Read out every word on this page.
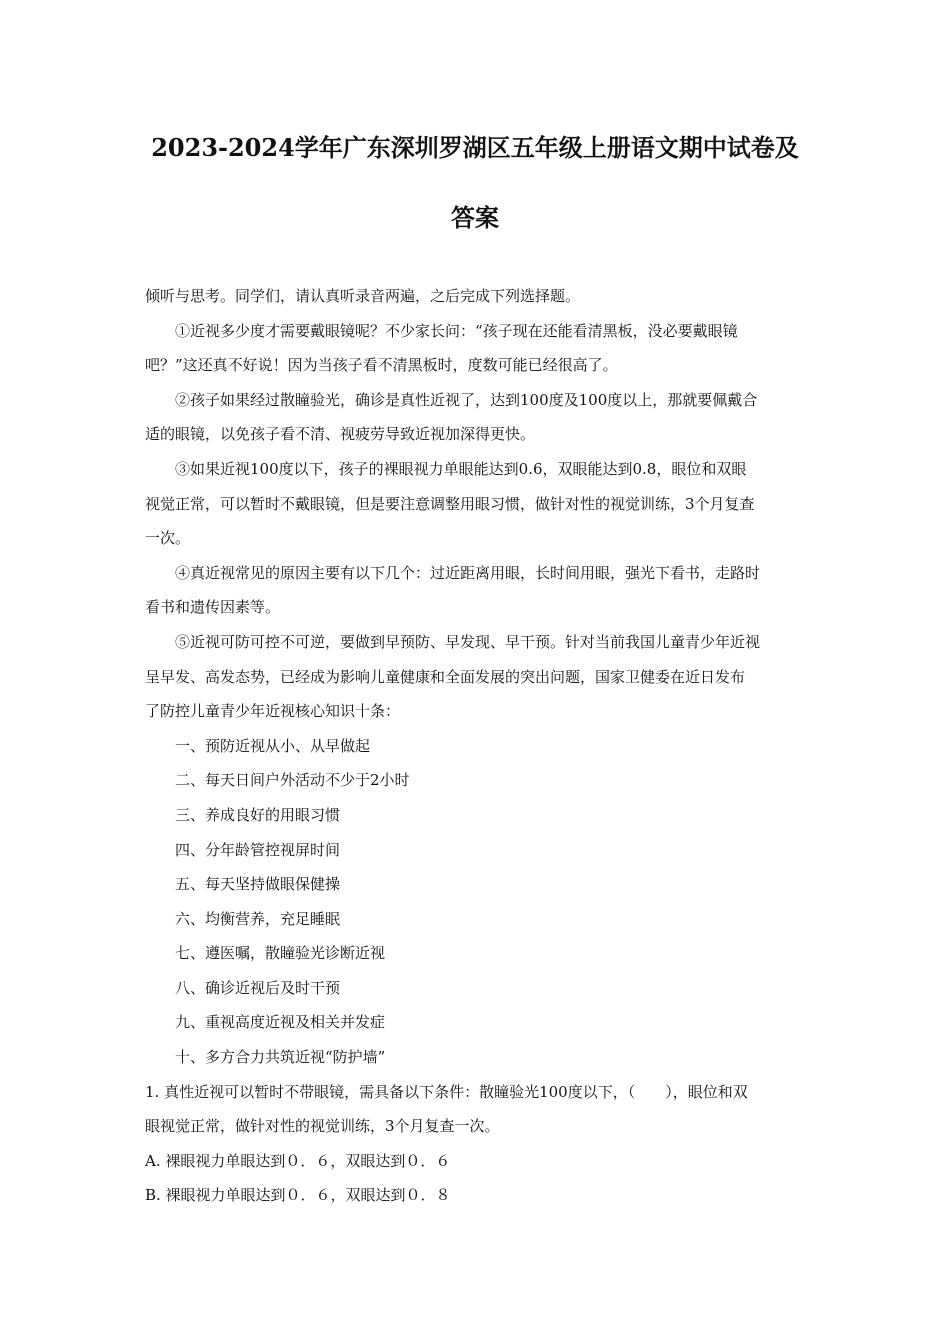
2023-2024学年广东深圳罗湖区五年级上册语文期中试卷及
答案
倾听与思考。同学们，请认真听录音两遍，之后完成下列选择题。
①近视多少度才需要戴眼镜呢？不少家长问：“孩子现在还能看清黑板，没必要戴眼镜
吧？”这还真不好说！因为当孩子看不清黑板时，度数可能已经很高了。
②孩子如果经过散瞳验光，确诊是真性近视了，达到100度及100度以上，那就要佩戴合
适的眼镜，以免孩子看不清、视疲劳导致近视加深得更快。
③如果近视100度以下，孩子的裸眼视力单眼能达到0.6，双眼能达到0.8，眼位和双眼
视觉正常，可以暂时不戴眼镜，但是要注意调整用眼习惯，做针对性的视觉训练，3个月复查
一次。
④真近视常见的原因主要有以下几个：过近距离用眼，长时间用眼，强光下看书，走路时
看书和遗传因素等。
⑤近视可防可控不可逆，要做到早预防、早发现、早干预。针对当前我国儿童青少年近视
呈早发、高发态势，已经成为影响儿童健康和全面发展的突出问题，国家卫健委在近日发布
了防控儿童青少年近视核心知识十条：
一、预防近视从小、从早做起
二、每天日间户外活动不少于2小时
三、养成良好的用眼习惯
四、分年龄管控视屏时间
五、每天坚持做眼保健操
六、均衡营养，充足睡眠
七、遵医嘱，散瞳验光诊断近视
八、确诊近视后及时干预
九、重视高度近视及相关并发症
十、多方合力共筑近视“防护墙”
1. 真性近视可以暂时不带眼镜，需具备以下条件：散瞳验光100度以下，（　　），眼位和双
眼视觉正常，做针对性的视觉训练，3个月复查一次。
A. 裸眼视力单眼达到０．６，双眼达到０．６
B. 裸眼视力单眼达到０．６，双眼达到０．８
